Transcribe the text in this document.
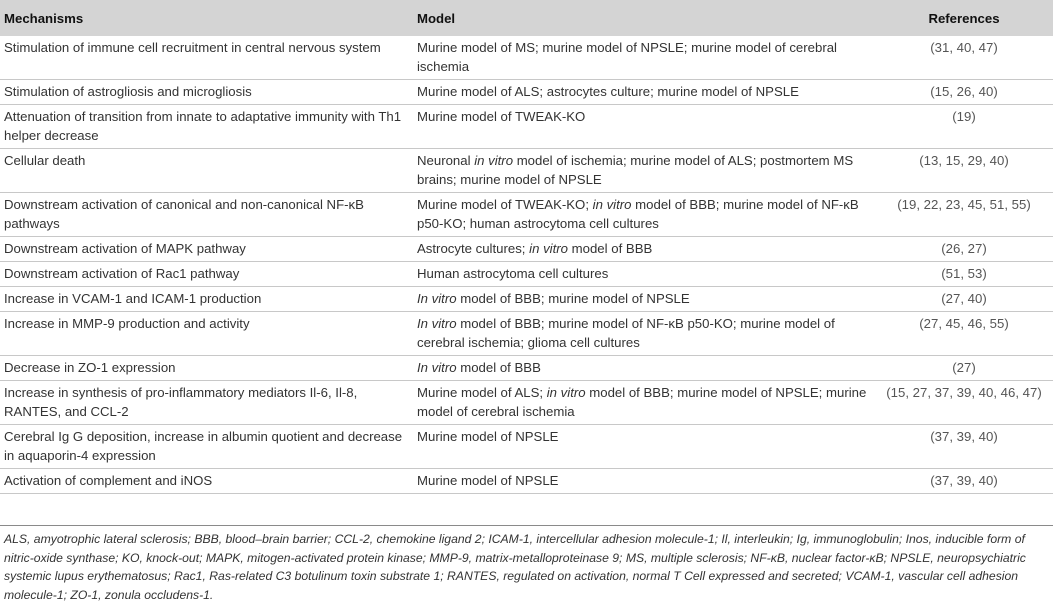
Mechanisms	Model	References
Stimulation of immune cell recruitment in central nervous system	Murine model of MS; murine model of NPSLE; murine model of cerebral ischemia	(31, 40, 47)
Stimulation of astrogliosis and microgliosis	Murine model of ALS; astrocytes culture; murine model of NPSLE	(15, 26, 40)
Attenuation of transition from innate to adaptative immunity with Th1 helper decrease	Murine model of TWEAK-KO	(19)
Cellular death	Neuronal in vitro model of ischemia; murine model of ALS; postmortem MS brains; murine model of NPSLE	(13, 15, 29, 40)
Downstream activation of canonical and non-canonical NF-κB pathways	Murine model of TWEAK-KO; in vitro model of BBB; murine model of NF-κB p50-KO; human astrocytoma cell cultures	(19, 22, 23, 45, 51, 55)
Downstream activation of MAPK pathway	Astrocyte cultures; in vitro model of BBB	(26, 27)
Downstream activation of Rac1 pathway	Human astrocytoma cell cultures	(51, 53)
Increase in VCAM-1 and ICAM-1 production	In vitro model of BBB; murine model of NPSLE	(27, 40)
Increase in MMP-9 production and activity	In vitro model of BBB; murine model of NF-κB p50-KO; murine model of cerebral ischemia; glioma cell cultures	(27, 45, 46, 55)
Decrease in ZO-1 expression	In vitro model of BBB	(27)
Increase in synthesis of pro-inflammatory mediators Il-6, Il-8, RANTES, and CCL-2	Murine model of ALS; in vitro model of BBB; murine model of NPSLE; murine model of cerebral ischemia	(15, 27, 37, 39, 40, 46, 47)
Cerebral Ig G deposition, increase in albumin quotient and decrease in aquaporin-4 expression	Murine model of NPSLE	(37, 39, 40)
Activation of complement and iNOS	Murine model of NPSLE	(37, 39, 40)
ALS, amyotrophic lateral sclerosis; BBB, blood–brain barrier; CCL-2, chemokine ligand 2; ICAM-1, intercellular adhesion molecule-1; Il, interleukin; Ig, immunoglobulin; Inos, inducible form of nitric-oxide synthase; KO, knock-out; MAPK, mitogen-activated protein kinase; MMP-9, matrix-metalloproteinase 9; MS, multiple sclerosis; NF-κB, nuclear factor-κB; NPSLE, neuropsychiatric systemic lupus erythematosus; Rac1, Ras-related C3 botulinum toxin substrate 1; RANTES, regulated on activation, normal T Cell expressed and secreted; VCAM-1, vascular cell adhesion molecule-1; ZO-1, zonula occludens-1.
